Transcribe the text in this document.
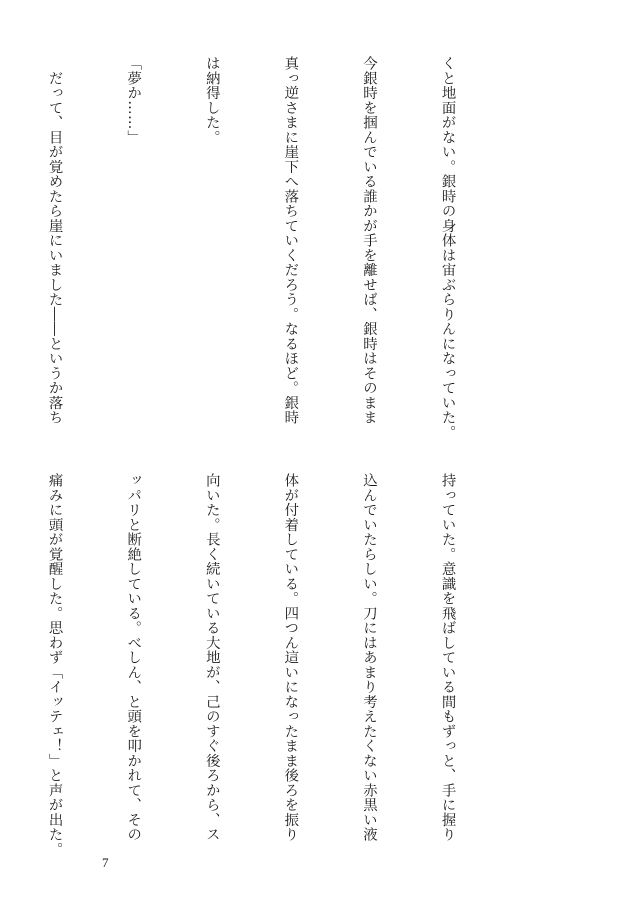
くと地面がない。銀時の身体は宙ぶらりんになっていた。

今銀時を掴んでいる誰かが手を離せば、銀時はそのまま

真っ逆さまに崖下へ落ちていくだろう。なるほど。銀時

は納得した。

「夢か……」

　だって、目が覚めたら崖にいました――というか落ち

持っていた。意識を飛ばしている間もずっと、手に握り

込んでいたらしい。刀にはあまり考えたくない赤黒い液

体が付着している。四つん這いになったまま後ろを振り

向いた。長く続いている大地が、己のすぐ後ろから、ス

ッパリと断絶している。べしん、と頭を叩かれて、その

痛みに頭が覚醒した。思わず「イッテェ！」と声が出た。

7
